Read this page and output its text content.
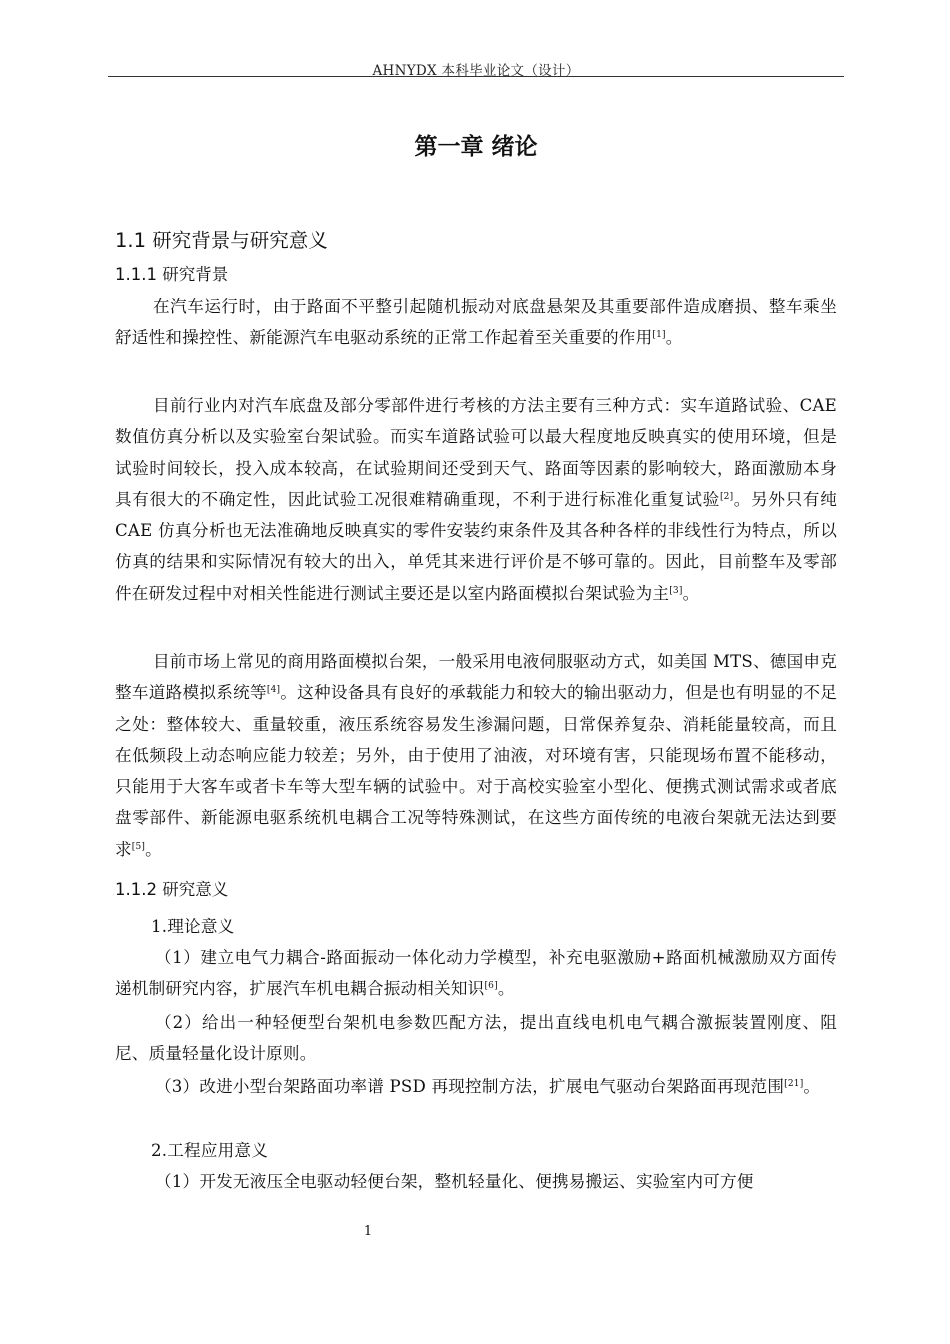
AHNYDX 本科毕业论文（设计）
第一章 绪论
1.1 研究背景与研究意义
1.1.1 研究背景

在汽车运行时，由于路面不平整引起随机振动对底盘悬架及其重要部件造成磨损、整车乘坐舒适性和操控性、新能源汽车电驱动系统的正常工作起着至关重要的作用[1]。

目前行业内对汽车底盘及部分零部件进行考核的方法主要有三种方式：实车道路试验、CAE 数值仿真分析以及实验室台架试验。而实车道路试验可以最大程度地反映真实的使用环境，但是试验时间较长，投入成本较高，在试验期间还受到天气、路面等因素的影响较大，路面激励本身具有很大的不确定性，因此试验工况很难精确重现，不利于进行标准化重复试验[2]。另外只有纯 CAE 仿真分析也无法准确地反映真实的零件安装约束条件及其各种各样的非线性行为特点，所以仿真的结果和实际情况有较大的出入，单凭其来进行评价是不够可靠的。因此，目前整车及零部件在研发过程中对相关性能进行测试主要还是以室内路面模拟台架试验为主[3]。

目前市场上常见的商用路面模拟台架，一般采用电液伺服驱动方式，如美国 MTS、德国申克整车道路模拟系统等[4]。这种设备具有良好的承载能力和较大的输出驱动力，但是也有明显的不足之处：整体较大、重量较重，液压系统容易发生渗漏问题，日常保养复杂、消耗能量较高，而且在低频段上动态响应能力较差；另外，由于使用了油液，对环境有害，只能现场布置不能移动，只能用于大客车或者卡车等大型车辆的试验中。对于高校实验室小型化、便携式测试需求或者底盘零部件、新能源电驱系统机电耦合工况等特殊测试，在这些方面传统的电液台架就无法达到要求[5]。

1.1.2 研究意义

1.理论意义

（1）建立电气力耦合-路面振动一体化动力学模型，补充电驱激励+路面机械激励双方面传递机制研究内容，扩展汽车机电耦合振动相关知识[6]。

（2）给出一种轻便型台架机电参数匹配方法，提出直线电机电气耦合激振装置刚度、阻尼、质量轻量化设计原则。

（3）改进小型台架路面功率谱 PSD 再现控制方法，扩展电气驱动台架路面再现范围[21]。

2.工程应用意义

（1）开发无液压全电驱动轻便台架，整机轻量化、便携易搬运、实验室内可方便

1
